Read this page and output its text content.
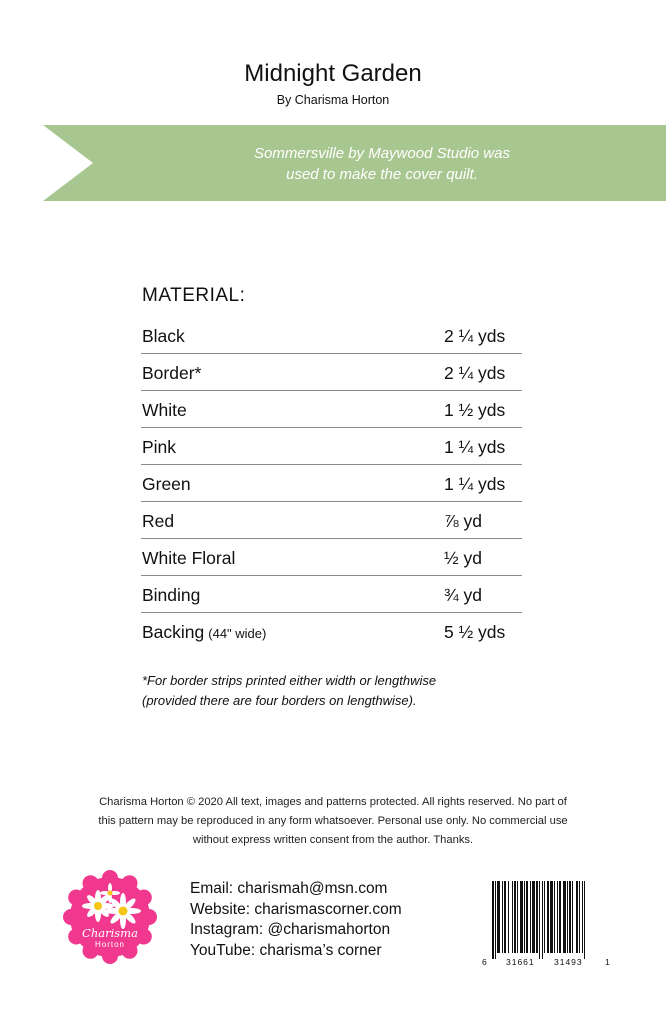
Midnight Garden
By Charisma Horton
Sommersville by Maywood Studio was
used to make the cover quilt.
MATERIAL:
Black	2 ¼ yds
Border*	2 ¼ yds
White	1 ½ yds
Pink	1 ¼ yds
Green	1 ¼ yds
Red	⅞ yd
White Floral	½ yd
Binding	¾ yd
Backing (44" wide)	5 ½ yds
*For border strips printed either width or lengthwise
(provided there are four borders on lengthwise).
Charisma Horton © 2020 All text, images and patterns protected. All rights reserved. No part of
this pattern may be reproduced in any form whatsoever. Personal use only. No commercial use
without express written consent from the author. Thanks.
Charisma
Horton
Email: charismah@msn.com
Website: charismascorner.com
Instagram: @charismahorton
YouTube: charisma’s corner
6 31661 31493	1
